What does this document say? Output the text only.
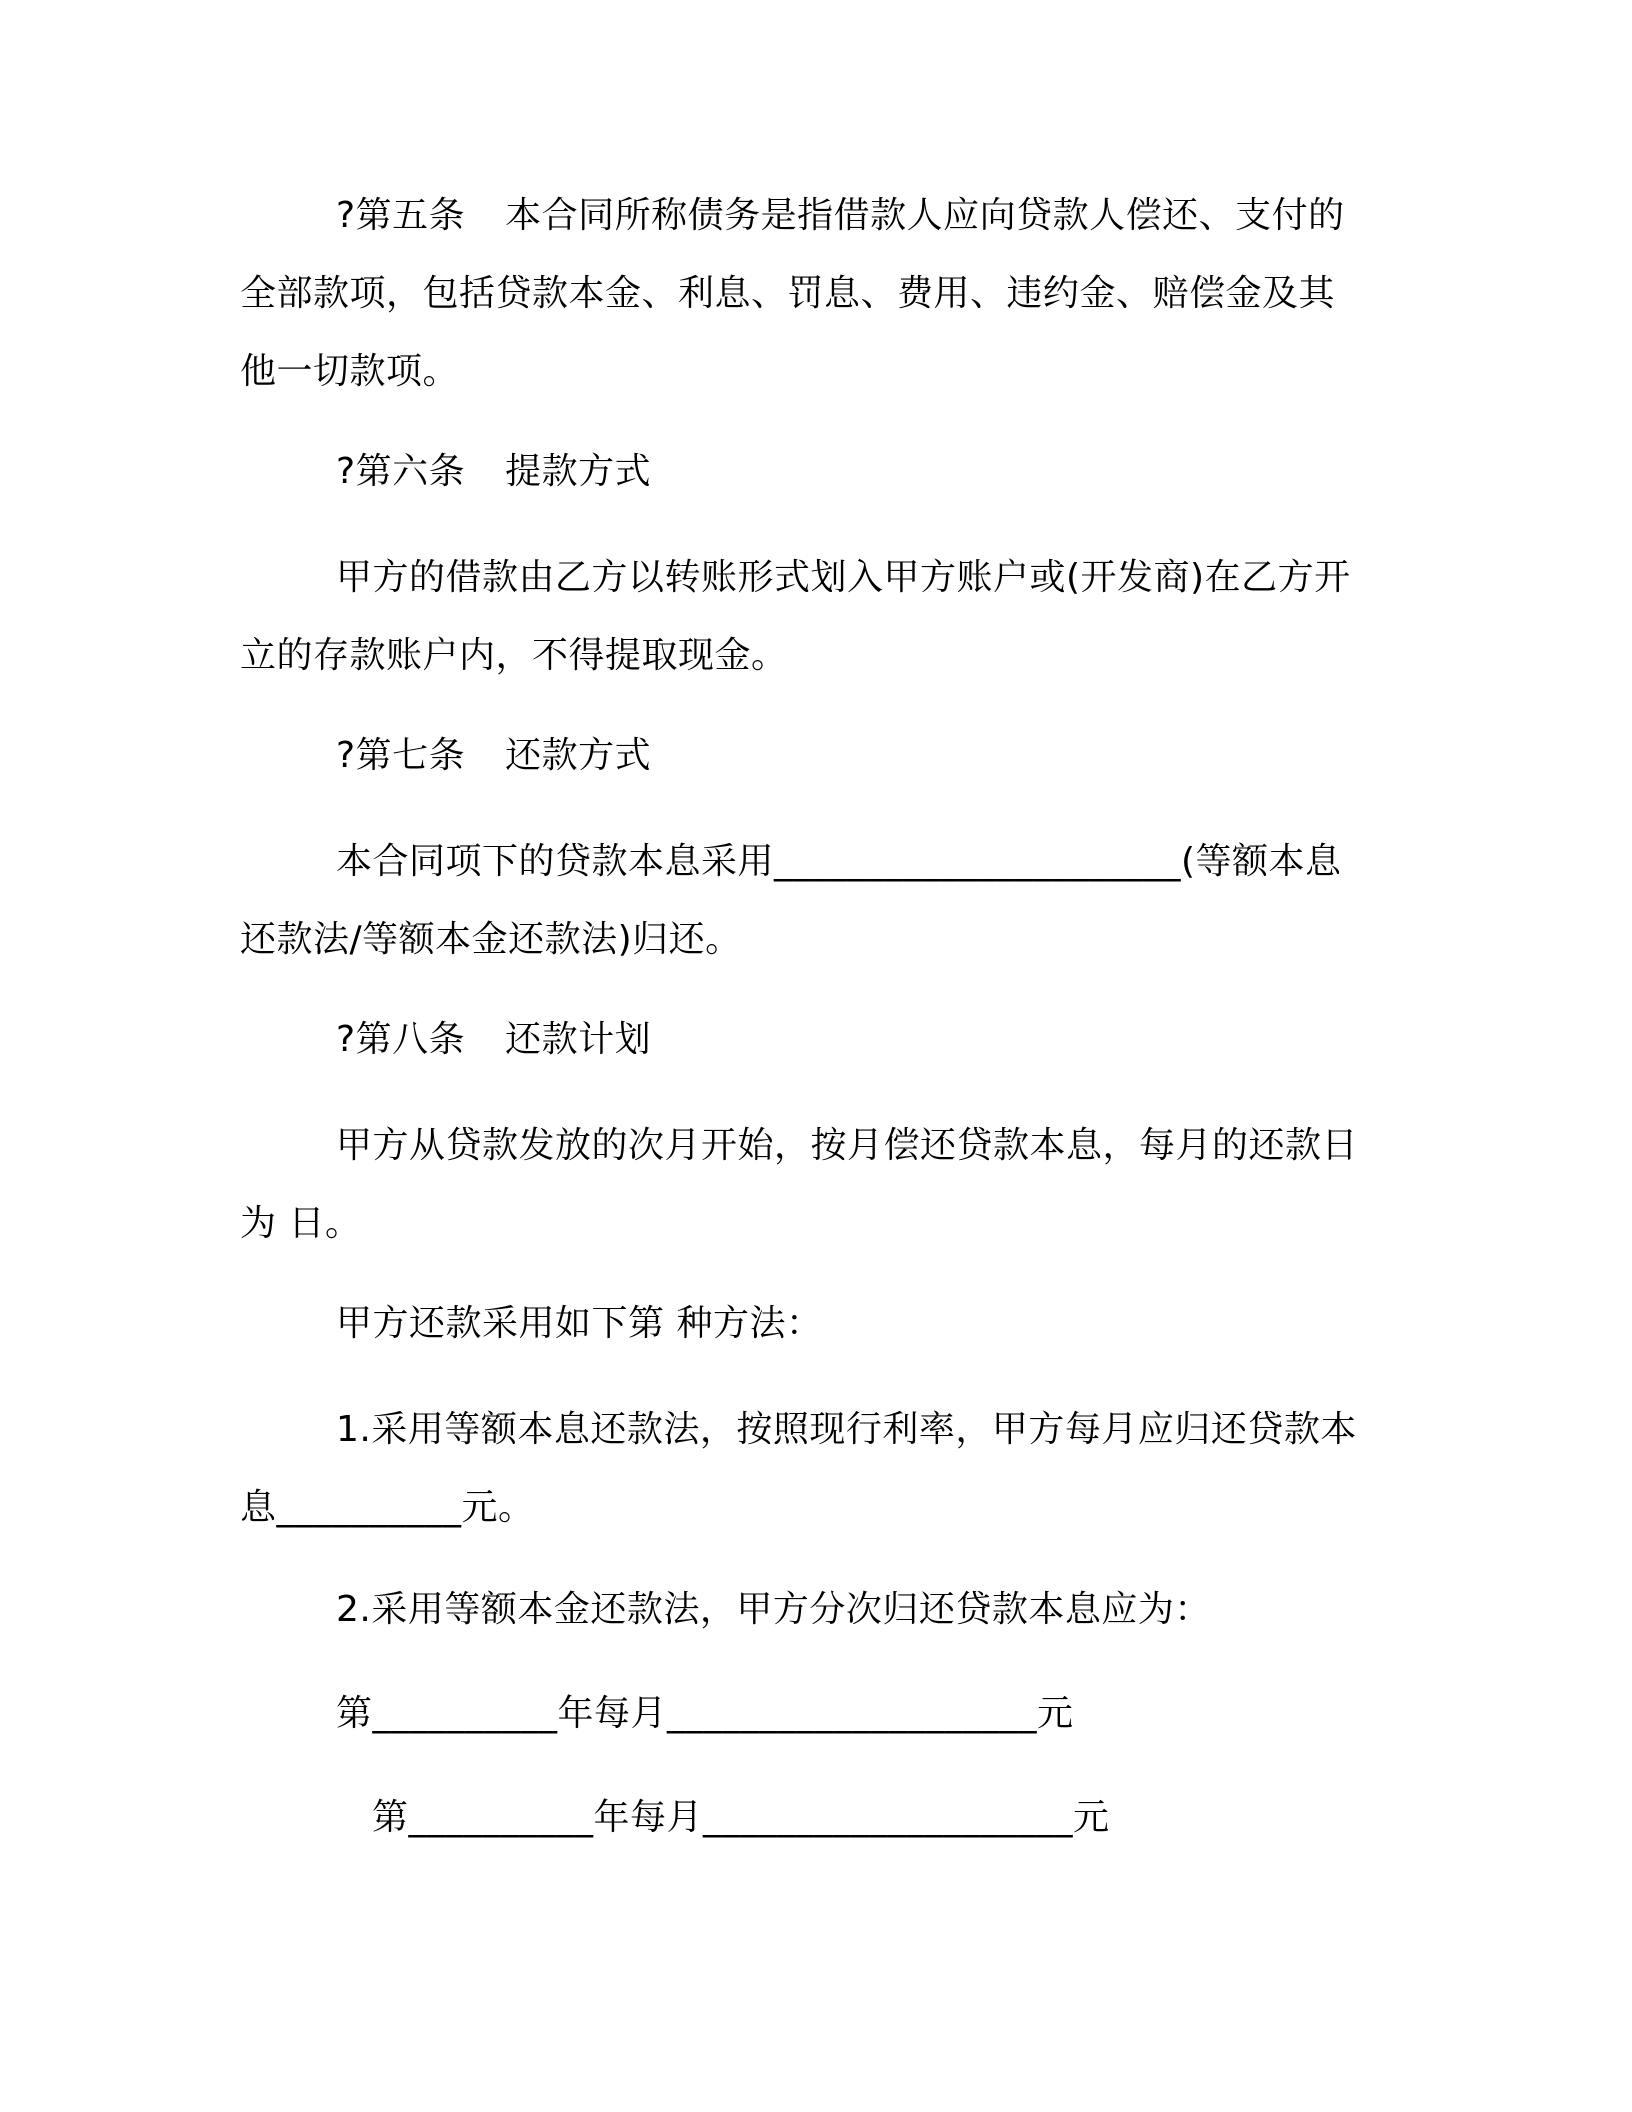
?第五条 本合同所称债务是指借款人应向贷款人偿还、支付的
全部款项，包括贷款本金、利息、罚息、费用、违约金、赔偿金及其
他一切款项。
?第六条 提款方式
甲方的借款由乙方以转账形式划入甲方账户或(开发商)在乙方开
立的存款账户内，不得提取现金。
?第七条 还款方式
本合同项下的贷款本息采用______________________(等额本息
还款法/等额本金还款法)归还。
?第八条 还款计划
甲方从贷款发放的次月开始，按月偿还贷款本息，每月的还款日
为 日。
甲方还款采用如下第 种方法：
1.采用等额本息还款法，按照现行利率，甲方每月应归还贷款本
息__________元。
2.采用等额本金还款法，甲方分次归还贷款本息应为：
第__________年每月____________________元
第__________年每月____________________元
